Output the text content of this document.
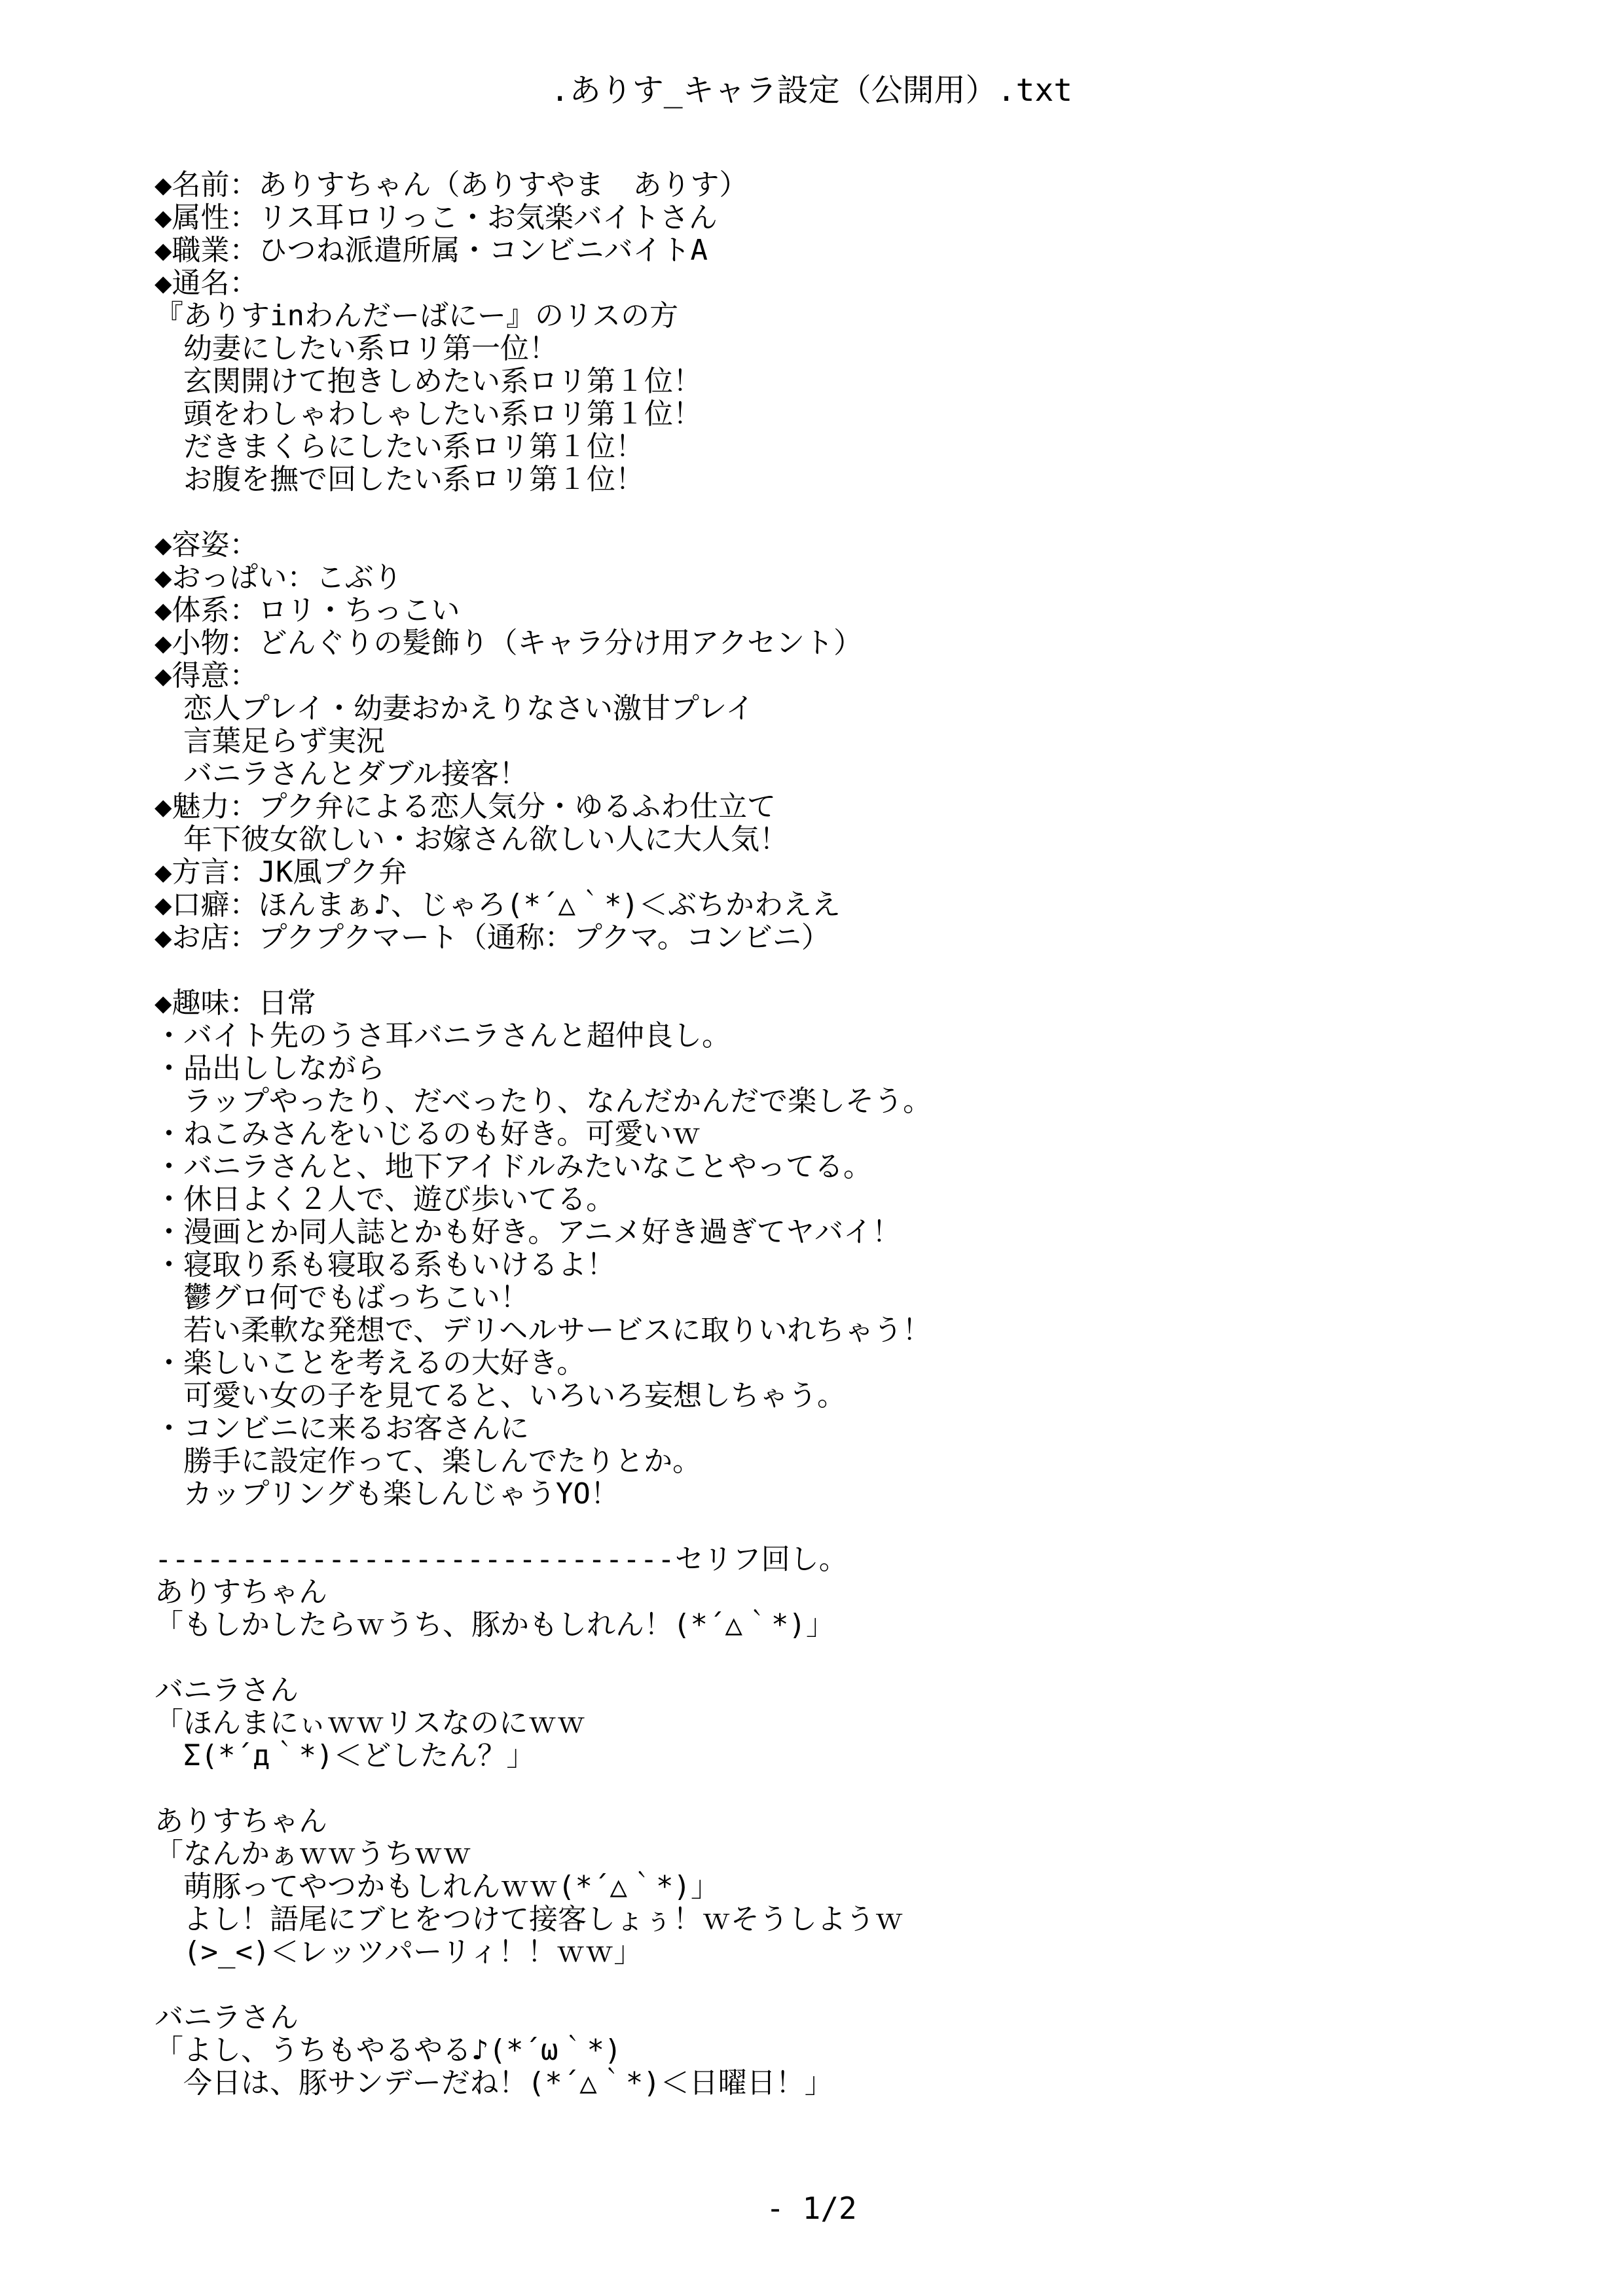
.ありす_キャラ設定（公開用）.txt
◆名前：ありすちゃん（ありすやま　ありす）
◆属性：リス耳ロリっこ・お気楽バイトさん
◆職業：ひつね派遣所属・コンビニバイトA
◆通名：
『ありすinわんだーばにー』のリスの方
　幼妻にしたい系ロリ第一位！
　玄関開けて抱きしめたい系ロリ第１位！
　頭をわしゃわしゃしたい系ロリ第１位！
　だきまくらにしたい系ロリ第１位！
　お腹を撫で回したい系ロリ第１位！
◆容姿：
◆おっぱい：こぶり
◆体系：ロリ・ちっこい
◆小物：どんぐりの髪飾り（キャラ分け用アクセント）
◆得意：
　恋人プレイ・幼妻おかえりなさい激甘プレイ
　言葉足らず実況
　バニラさんとダブル接客！
◆魅力：プク弁による恋人気分・ゆるふわ仕立て
　年下彼女欲しい・お嫁さん欲しい人に大人気！
◆方言：JK風プク弁
◆口癖：ほんまぁ♪、じゃろ(*´△｀*)＜ぶちかわええ
◆お店：プクプクマート（通称：プクマ。コンビニ）
◆趣味：日常
・バイト先のうさ耳バニラさんと超仲良し。
・品出ししながら
　ラップやったり、だべったり、なんだかんだで楽しそう。
・ねこみさんをいじるのも好き。可愛いｗ
・バニラさんと、地下アイドルみたいなことやってる。
・休日よく２人で、遊び歩いてる。
・漫画とか同人誌とかも好き。アニメ好き過ぎてヤバイ！
・寝取り系も寝取る系もいけるよ！
　鬱グロ何でもばっちこい！
　若い柔軟な発想で、デリヘルサービスに取りいれちゃう！
・楽しいことを考えるの大好き。
　可愛い女の子を見てると、いろいろ妄想しちゃう。
・コンビニに来るお客さんに
　勝手に設定作って、楽しんでたりとか。
　カップリングも楽しんじゃうYO！
------------------------------セリフ回し。
ありすちゃん
「もしかしたらｗうち、豚かもしれん！(*´△｀*)」
バニラさん
「ほんまにぃｗｗリスなのにｗｗ
　Σ(*´д｀*)＜どしたん？」
ありすちゃん
「なんかぁｗｗうちｗｗ
　萌豚ってやつかもしれんｗｗ(*´△｀*)」
　よし！語尾にブヒをつけて接客しょぅ！ｗそうしようｗ
　(>_<)＜レッツパーリィ！！ｗｗ」
バニラさん
「よし、うちもやるやる♪(*´ω｀*)
　今日は、豚サンデーだね！(*´△｀*)＜日曜日！」
- 1/2
